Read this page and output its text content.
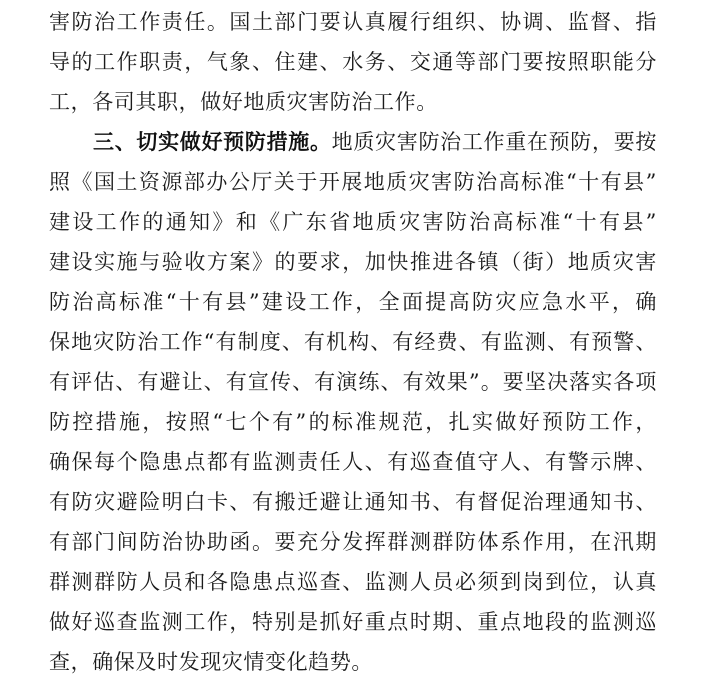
害防治工作责任。国土部门要认真履行组织、协调、监督、指
导的工作职责，气象、住建、水务、交通等部门要按照职能分
工，各司其职，做好地质灾害防治工作。
三、切实做好预防措施。地质灾害防治工作重在预防，要按
照《国土资源部办公厅关于开展地质灾害防治高标准“十有县”
建设工作的通知》和《广东省地质灾害防治高标准“十有县”
建设实施与验收方案》的要求，加快推进各镇（街）地质灾害
防治高标准“十有县”建设工作，全面提高防灾应急水平，确
保地灾防治工作“有制度、有机构、有经费、有监测、有预警、
有评估、有避让、有宣传、有演练、有效果”。要坚决落实各项
防控措施，按照“七个有”的标准规范，扎实做好预防工作，
确保每个隐患点都有监测责任人、有巡查值守人、有警示牌、
有防灾避险明白卡、有搬迁避让通知书、有督促治理通知书、
有部门间防治协助函。要充分发挥群测群防体系作用，在汛期
群测群防人员和各隐患点巡查、监测人员必须到岗到位，认真
做好巡查监测工作，特别是抓好重点时期、重点地段的监测巡
查，确保及时发现灾情变化趋势。
